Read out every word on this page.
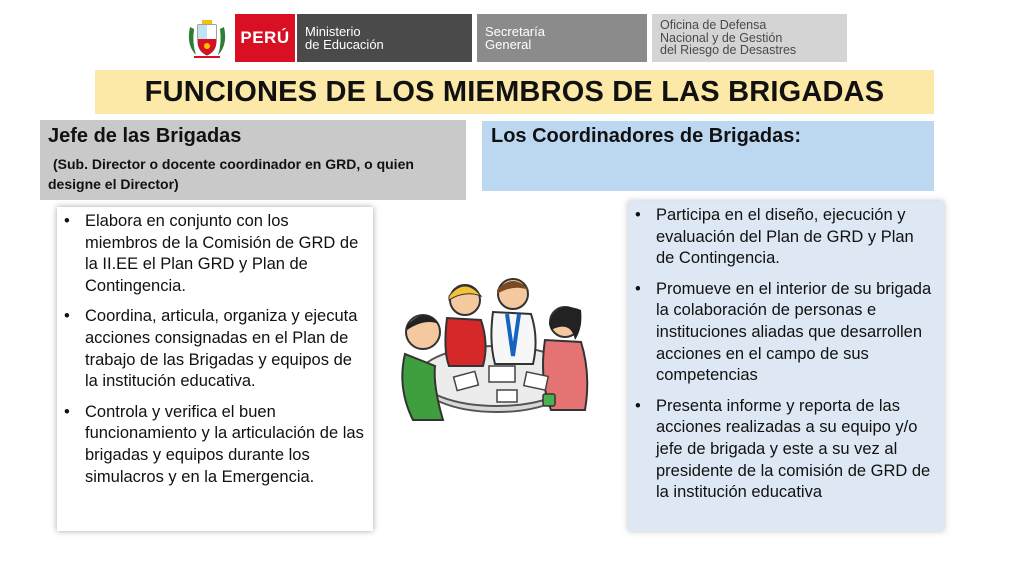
PERÚ	Ministerio
de Educación
Secretaría
General
Oficina de Defensa
Nacional y de Gestión
del Riesgo de Desastres
FUNCIONES DE LOS MIEMBROS DE LAS BRIGADAS

Jefe de las Brigadas

(Sub. Director o docente coordinador en GRD, o quien designe el Director)

Los Coordinadores de Brigadas:
• Elabora en conjunto con los miembros de la Comisión de GRD de la II.EE el Plan GRD y Plan de Contingencia.
• Coordina, articula, organiza y ejecuta acciones consignadas en el Plan de trabajo de las Brigadas y equipos de la institución educativa.
• Controla y verifica el buen funcionamiento y la articulación de las brigadas y equipos durante los simulacros y en la Emergencia.
• Participa en el diseño, ejecución y evaluación del Plan de GRD y Plan de Contingencia.
• Promueve en el interior de su brigada la colaboración de personas e instituciones aliadas que desarrollen acciones en el campo de sus competencias
• Presenta informe y reporta de las acciones realizadas a su equipo y/o jefe de brigada y este a su vez al presidente de la comisión de GRD de la institución educativa
